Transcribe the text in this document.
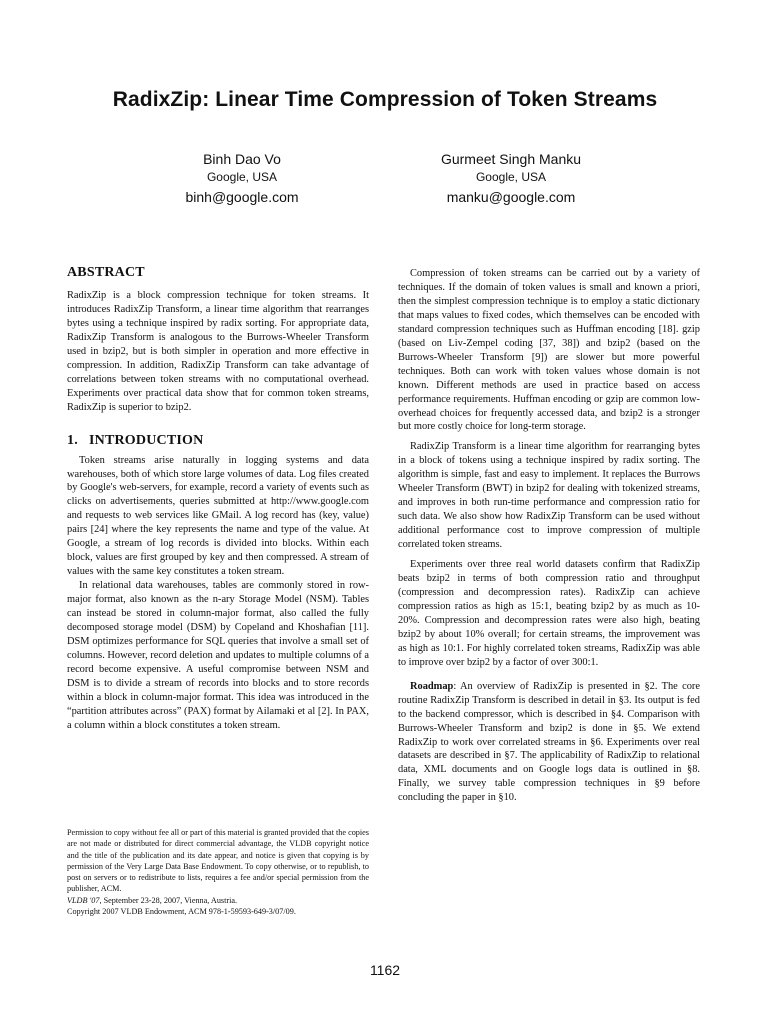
RadixZip: Linear Time Compression of Token Streams
Binh Dao Vo
Google, USA
binh@google.com
Gurmeet Singh Manku
Google, USA
manku@google.com
ABSTRACT

RadixZip is a block compression technique for token streams. It introduces RadixZip Transform, a linear time algorithm that rearranges bytes using a technique inspired by radix sorting. For appropriate data, RadixZip Transform is analogous to the Burrows-Wheeler Transform used in bzip2, but is both simpler in operation and more effective in compression. In addition, RadixZip Transform can take advantage of correlations between token streams with no computational overhead. Experiments over practical data show that for common token streams, RadixZip is superior to bzip2.

1.   INTRODUCTION

Token streams arise naturally in logging systems and data warehouses, both of which store large volumes of data. Log files created by Google's web-servers, for example, record a variety of events such as clicks on advertisements, queries submitted at http://www.google.com and requests to web services like GMail. A log record has (key, value) pairs [24] where the key represents the name and type of the value. At Google, a stream of log records is divided into blocks. Within each block, values are first grouped by key and then compressed. A stream of values with the same key constitutes a token stream.

In relational data warehouses, tables are commonly stored in row-major format, also known as the n-ary Storage Model (NSM). Tables can instead be stored in column-major format, also called the fully decomposed storage model (DSM) by Copeland and Khoshafian [11]. DSM optimizes performance for SQL queries that involve a small set of columns. However, record deletion and updates to multiple columns of a record become expensive. A useful compromise between NSM and DSM is to divide a stream of records into blocks and to store records within a block in column-major format. This idea was introduced in the “partition attributes across” (PAX) format by Ailamaki et al [2]. In PAX, a column within a block constitutes a token stream.

Permission to copy without fee all or part of this material is granted provided that the copies are not made or distributed for direct commercial advantage, the VLDB copyright notice and the title of the publication and its date appear, and notice is given that copying is by permission of the Very Large Data Base Endowment. To copy otherwise, or to republish, to post on servers or to redistribute to lists, requires a fee and/or special permission from the publisher, ACM.
VLDB '07, September 23-28, 2007, Vienna, Austria.
Copyright 2007 VLDB Endowment, ACM 978-1-59593-649-3/07/09.

Compression of token streams can be carried out by a variety of techniques. If the domain of token values is small and known a priori, then the simplest compression technique is to employ a static dictionary that maps values to fixed codes, which themselves can be encoded with standard compression techniques such as Huffman encoding [18]. gzip (based on Liv-Zempel coding [37, 38]) and bzip2 (based on the Burrows-Wheeler Transform [9]) are slower but more powerful techniques. Both can work with token values whose domain is not known. Different methods are used in practice based on access performance requirements. Huffman encoding or gzip are common low-overhead choices for frequently accessed data, and bzip2 is a stronger but more costly choice for long-term storage.

RadixZip Transform is a linear time algorithm for rearranging bytes in a block of tokens using a technique inspired by radix sorting. The algorithm is simple, fast and easy to implement. It replaces the Burrows Wheeler Transform (BWT) in bzip2 for dealing with tokenized streams, and improves in both run-time performance and compression ratio for such data. We also show how RadixZip Transform can be used without additional performance cost to improve compression of multiple correlated token streams.

Experiments over three real world datasets confirm that RadixZip beats bzip2 in terms of both compression ratio and throughput (compression and decompression rates). RadixZip can achieve compression ratios as high as 15:1, beating bzip2 by as much as 10-20%. Compression and decompression rates were also high, beating bzip2 by about 10% overall; for certain streams, the improvement was as high as 10:1. For highly correlated token streams, RadixZip was able to improve over bzip2 by a factor of over 300:1.

Roadmap: An overview of RadixZip is presented in §2. The core routine RadixZip Transform is described in detail in §3. Its output is fed to the backend compressor, which is described in §4. Comparison with Burrows-Wheeler Transform and bzip2 is done in §5. We extend RadixZip to work over correlated streams in §6. Experiments over real datasets are described in §7. The applicability of RadixZip to relational data, XML documents and on Google logs data is outlined in §8. Finally, we survey table compression techniques in §9 before concluding the paper in §10.

1162
